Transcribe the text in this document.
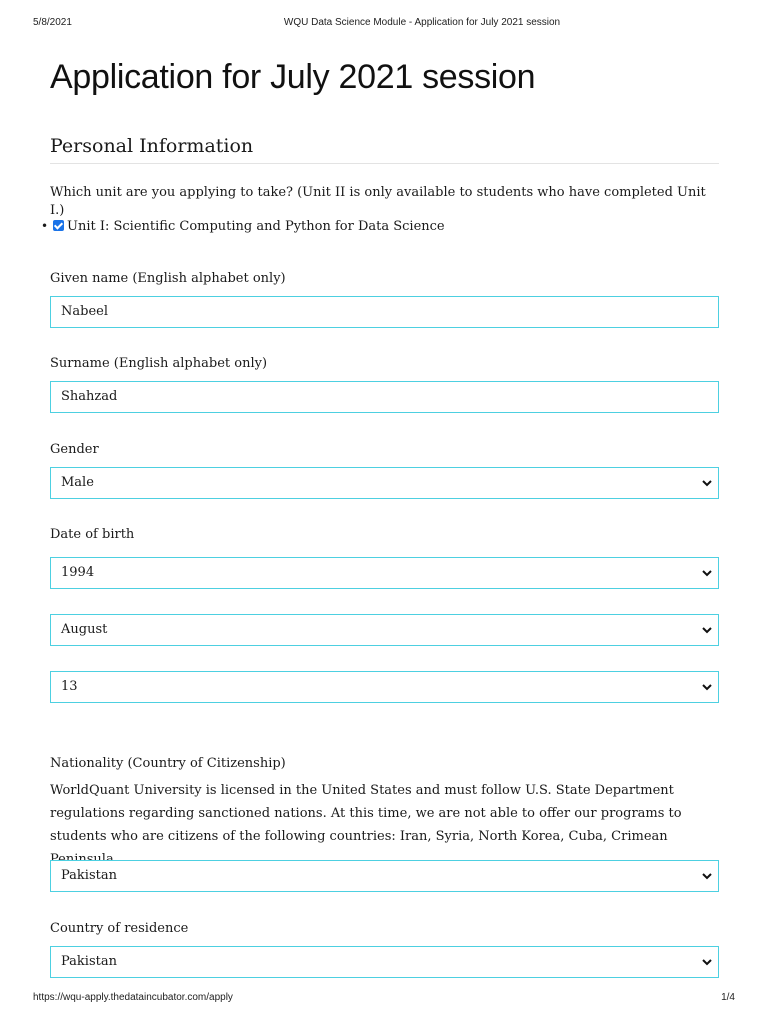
5/8/2021	WQU Data Science Module - Application for July 2021 session
Application for July 2021 session
Personal Information
Which unit are you applying to take? (Unit II is only available to students who have completed Unit I.)
• Unit I: Scientific Computing and Python for Data Science
Given name (English alphabet only)
Nabeel
Surname (English alphabet only)
Shahzad
Gender
Male
Date of birth
1994
August
13
Nationality (Country of Citizenship)
WorldQuant University is licensed in the United States and must follow U.S. State Department regulations regarding sanctioned nations. At this time, we are not able to offer our programs to students who are citizens of the following countries: Iran, Syria, North Korea, Cuba, Crimean
Pakistan
Country of residence
Pakistan
https://wqu-apply.thedataincubator.com/apply	1/4
